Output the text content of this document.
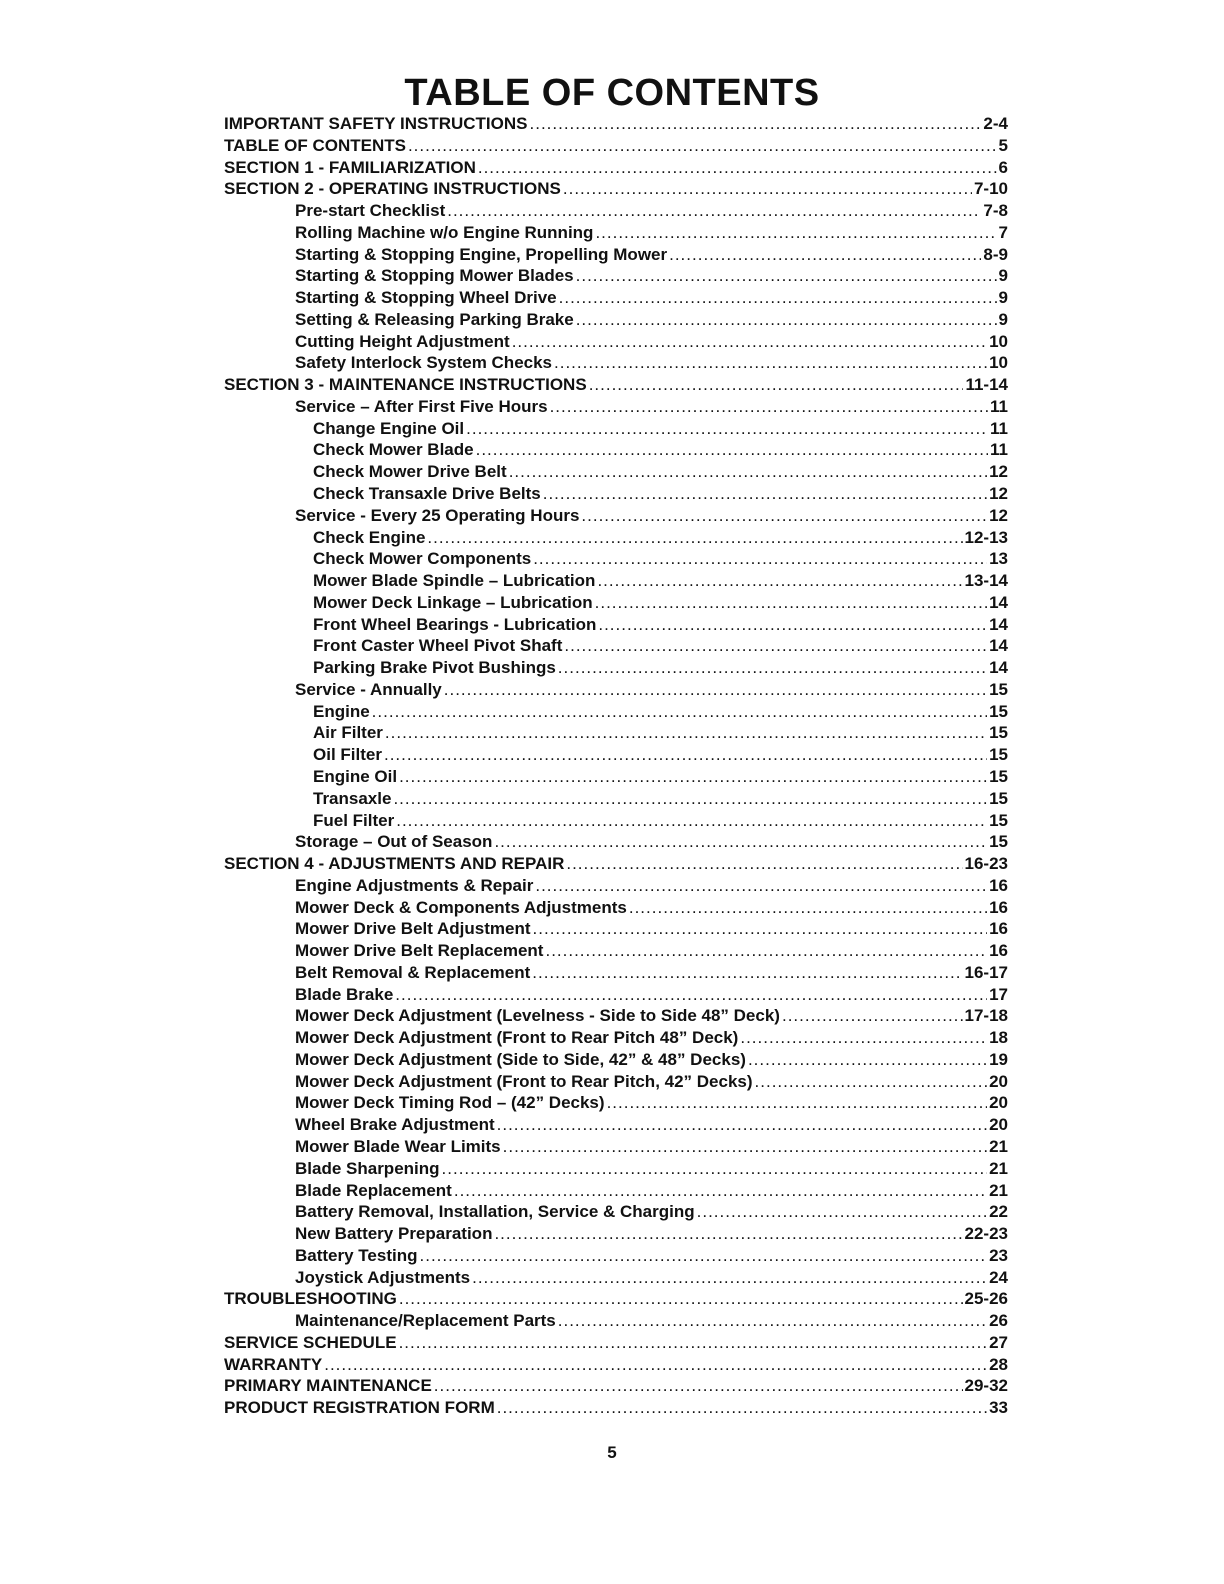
TABLE OF CONTENTS
IMPORTANT SAFETY INSTRUCTIONS .....	2-4
TABLE OF CONTENTS .....	5
SECTION 1 - FAMILIARIZATION .....	6
SECTION 2 - OPERATING INSTRUCTIONS .....	7-10
Pre-start Checklist .....	7-8
Rolling Machine w/o Engine Running .....	7
Starting & Stopping Engine, Propelling Mower .....	8-9
Starting & Stopping Mower Blades .....	9
Starting & Stopping Wheel Drive .....	9
Setting & Releasing Parking Brake .....	9
Cutting Height Adjustment .....	10
Safety Interlock System Checks .....	10
SECTION 3 - MAINTENANCE INSTRUCTIONS .....	11-14
Service – After First Five Hours .....	11
Change Engine Oil .....	11
Check Mower Blade .....	11
Check Mower Drive Belt .....	12
Check Transaxle Drive Belts .....	12
Service - Every 25 Operating Hours .....	12
Check Engine .....	12-13
Check Mower Components .....	13
Mower Blade Spindle – Lubrication .....	13-14
Mower Deck Linkage – Lubrication .....	14
Front Wheel Bearings - Lubrication .....	14
Front Caster Wheel Pivot Shaft .....	14
Parking Brake Pivot Bushings .....	14
Service - Annually .....	15
Engine .....	15
Air Filter .....	15
Oil Filter .....	15
Engine Oil .....	15
Transaxle .....	15
Fuel Filter .....	15
Storage – Out of Season .....	15
SECTION 4 - ADJUSTMENTS AND REPAIR .....	16-23
Engine Adjustments & Repair .....	16
Mower Deck & Components Adjustments .....	16
Mower Drive Belt Adjustment .....	16
Mower Drive Belt Replacement .....	16
Belt Removal & Replacement .....	16-17
Blade Brake .....	17
Mower Deck Adjustment (Levelness - Side to Side 48” Deck) .....	17-18
Mower Deck Adjustment (Front to Rear Pitch 48” Deck) .....	18
Mower Deck Adjustment (Side to Side, 42” & 48” Decks) .....	19
Mower Deck Adjustment (Front to Rear Pitch, 42” Decks) .....	20
Mower Deck Timing Rod – (42” Decks) .....	20
Wheel Brake Adjustment .....	20
Mower Blade Wear Limits .....	21
Blade Sharpening .....	21
Blade Replacement .....	21
Battery Removal, Installation, Service & Charging .....	22
New Battery Preparation .....	22-23
Battery Testing .....	23
Joystick Adjustments .....	24
TROUBLESHOOTING .....	25-26
Maintenance/Replacement Parts .....	26
SERVICE SCHEDULE .....	27
WARRANTY .....	28
PRIMARY MAINTENANCE .....	29-32
PRODUCT REGISTRATION FORM .....	33
5
